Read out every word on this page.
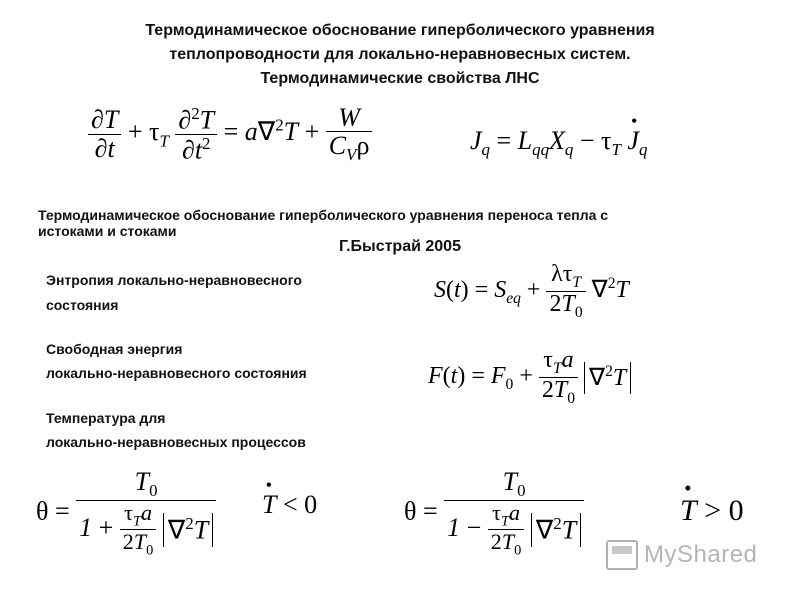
Термодинамическое обоснование гиперболического уравнения
теплопроводности для локально-неравновесных систем.
Термодинамические свойства ЛНС
$\frac{\partial T}{\partial t} + \tau_T \frac{\partial^2T}{\partial t^2} = a\nabla^2T + \frac{W}{C_V\rho}$	$J_q = L_{qq}X_q - \tau_T$ • $J_q$
Термодинамическое обоснование гиперболического уравнения переноса тепла с
истоками и стоками
Г.Быстрай 2005
Энтропия локально-неравновесного
состояния
$S(t) = S_{eq} + \frac{\lambda\tau_T}{2T_0} \nabla^2T$
Свободная энергия
локально-неравновесного состояния	$F(t) = F_0 + \frac{\tau_Ta}{2T_0} \nabla^2T$
Температура для
локально-неравновесных процессов
$\theta = \frac{T_0}{1 + \frac{\tau_Ta}{2T_0} \nabla^2T}$ • T < 0	$\theta = \frac{T_0}{1 - \frac{\tau_Ta}{2T_0} \nabla^2T}$	• T > 0
MyShared
